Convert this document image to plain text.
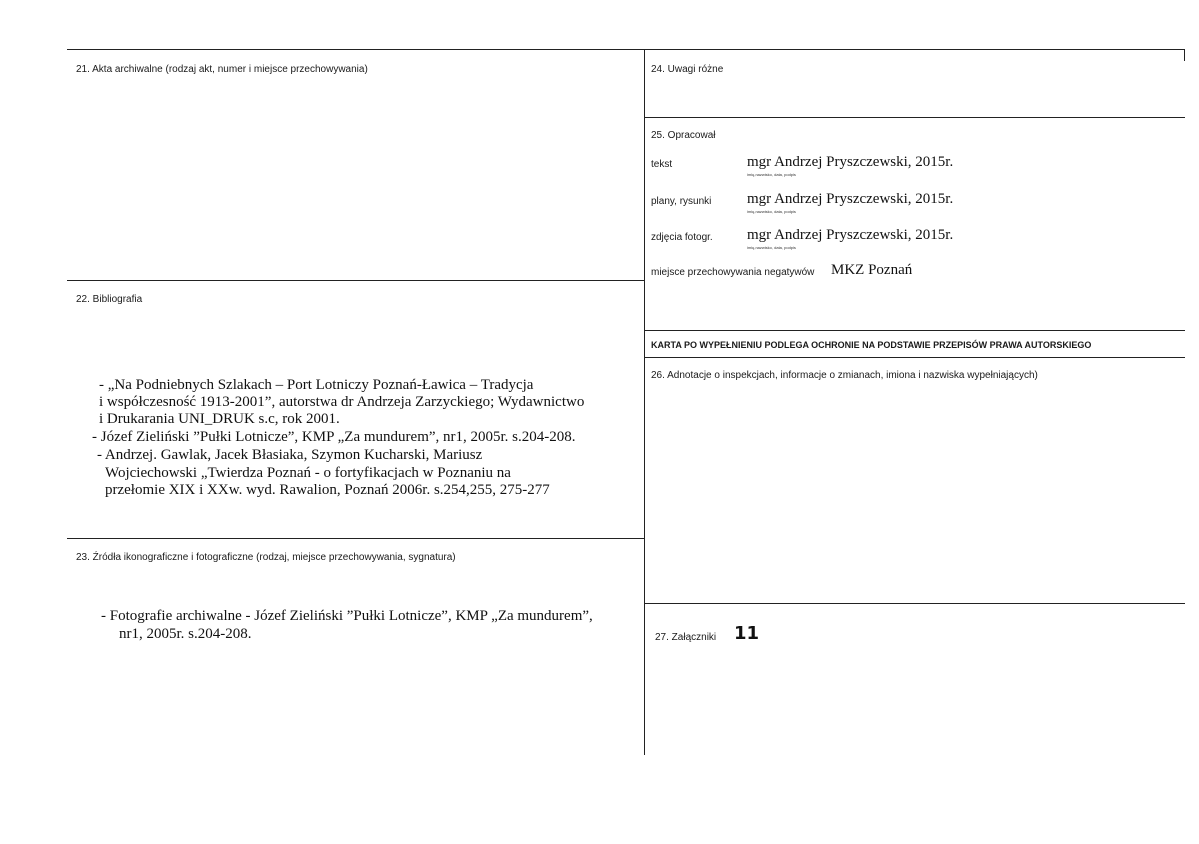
21. Akta archiwalne (rodzaj akt, numer i miejsce przechowywania)
22. Bibliografia
- „Na Podniebnych Szlakach – Port Lotniczy Poznań-Ławica – Tradycja
i współczesność 1913-2001”, autorstwa dr Andrzeja Zarzyckiego; Wydawnictwo
i Drukarania UNI_DRUK s.c, rok 2001.
- Józef Zieliński ”Pułki Lotnicze”, KMP „Za mundurem”, nr1, 2005r. s.204-208.
- Andrzej. Gawlak, Jacek Błasiaka, Szymon Kucharski, Mariusz
Wojciechowski „Twierdza Poznań - o fortyfikacjach w Poznaniu na
przełomie XIX i XXw. wyd. Rawalion, Poznań 2006r. s.254,255, 275-277
23. Źródła ikonograficzne i fotograficzne (rodzaj, miejsce przechowywania, sygnatura)
- Fotografie archiwalne - Józef Zieliński ”Pułki Lotnicze”, KMP „Za mundurem”,
nr1, 2005r. s.204-208.
24. Uwagi różne
25. Opracował
tekst	mgr Andrzej Pryszczewski, 2015r.
imię,nazwisko, data, podpis
plany, rysunki mgr Andrzej Pryszczewski, 2015r.
imię,nazwisko, data, podpis
zdjęcia fotogr. mgr Andrzej Pryszczewski, 2015r.
imię,nazwisko, data, podpis
miejsce przechowywania negatywów MKZ Poznań
KARTA PO WYPEŁNIENIU PODLEGA OCHRONIE NA PODSTAWIE PRZEPISÓW PRAWA AUTORSKIEGO
26. Adnotacje o inspekcjach, informacje o zmianach, imiona i nazwiska wypełniających)
27. Załączniki 11
